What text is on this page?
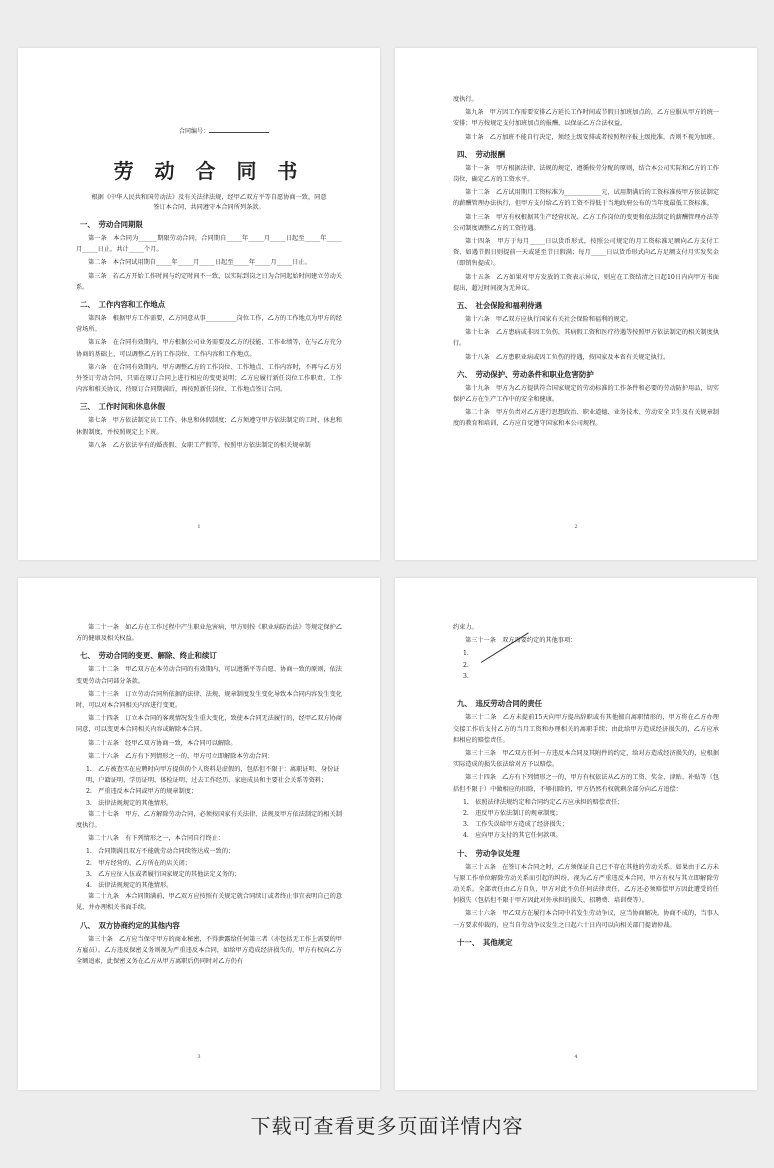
合同编号：
劳 动 合 同 书
根据《中华人民共和国劳动法》及有关法律法规，经甲乙双方平等自愿协商一致，同意签订本合同，共同遵守本合同所列条款。
一、　劳动合同期限

第一条　本合同为______期限劳动合同，合同期自_____年_____月_____日起至_____年_____月_____日止，共计_____个月。

第二条　本合同试用期自_____年_____月_____日起至_____年_____月_____日止。

第三条　若乙方开始工作时间与约定时间不一致，以实际到岗之日为合同起始时间建立劳动关系。

二、　工作内容和工作地点

第四条　根据甲方工作需要，乙方同意从事__________岗位工作，乙方的工作地点为甲方的经营场所。

第五条　在合同有效期内，甲方根据公司业务需要及乙方的技能、工作业绩等，在与乙方充分协商的基础上，可以调整乙方的工作岗位、工作内容和工作地点。

第六条　在合同有效期内，甲方调整乙方的工作岗位、工作地点、工作内容时，不再与乙方另外签订劳动合同，只需在原订合同上进行相应的变更说明；乙方应履行新任岗位工作职责、工作内容和相关协议，待原订合同期满后，再按照新任岗位、工作地点签订合同。

三、　工作时间和休息休假

第七条　甲方依法制定员工工作、休息和休假制度；乙方须遵守甲方依法制定的工时、休息和休假制度，并按照规定上下班。

第八条　乙方依法享有的婚丧假、女职工产假等，按照甲方依法制定的相关规章制

1

度执行。

第九条　甲方因工作需要安排乙方延长工作时间或节假日加班加点的，乙方应服从甲方的统一安排；甲方按规定支付加班加点的报酬，以保证乙方合法权益。

第十条　乙方加班不能自行决定，须经上级安排或者按照程序报上级批准，否则不视为加班。

四、　劳动报酬

第十一条　甲方根据法律、法规的规定，遵循按劳分配的原则，结合本公司实际和乙方的工作岗位，确定乙方的工资水平。

第十二条　乙方试用期月工资标准为____________元，试用期满后的工资标准按甲方依法制定的薪酬管理办法执行，但甲方支付给乙方的工资不得低于当地政府公布的当年度最低工资标准。

第十三条　甲方有权根据其生产经营状况、乙方工作岗位的变更和依法制定的薪酬管理办法等公司制度调整乙方的工资待遇。

第十四条　甲方于每月_____日以货币形式，按照公司规定的月工资标准足额向乙方支付工资，如遇节假日则提前一天或延至节日假满；每月_____日以货币形式向乙方足额支付月实发奖金（即销售提成）。

第十五条　乙方如果对甲方发放的工资表示异议，则应在工资结清之日起10日内向甲方书面提出，超过时间视为无异议。

五、　社会保险和福利待遇

第十六条　甲乙双方应执行国家有关社会保险和福利的规定。

第十七条　乙方患病或非因工负伤，其病假工资和医疗待遇等按照甲方依法制定的相关制度执行。

第十八条　乙方患职业病或因工负伤的待遇，按国家及本省有关规定执行。

六、　劳动保护、劳动条件和职业危害防护

第十九条　甲方为乙方提供符合国家规定的劳动标准的工作条件和必要的劳动防护用品，切实保护乙方在生产工作中的安全和健康。

第二十条　甲方负责对乙方进行思想政治、职业道德、业务技术、劳动安全卫生及有关规章制度的教育和培训，乙方应自觉遵守国家和本公司规程。

2

第二十一条　如乙方在工作过程中产生职业危害病，甲方则按《职业病防治法》等规定保护乙方的健康及相关权益。

七、　劳动合同的变更、解除、终止和续订

第二十二条　甲乙双方在本劳动合同的有效期内，可以遵循平等自愿、协商一致的原则，依法变更劳动合同部分条款。

第二十三条　订立劳动合同所依据的法律、法规、规章制度发生变化导致本合同内容发生变化时，可以对本合同相关内容进行变更。

第二十四条　订立本合同的客观情况发生重大变化，致使本合同无法履行的，经甲乙双方协商同意，可以变更本合同相关内容或解除本合同。

第二十五条　经甲乙双方协商一致，本合同可以解除。

第二十六条　乙方有下列情形之一的，甲方可立即解除本劳动合同：

1.　乙方被查实在应聘时向甲方提供的个人资料是虚假的，包括但不限于：离职证明、身份证明、户籍证明、学历证明、体检证明、过去工作经历、家庭成员和主要社会关系等资料；

2.　严重违反本合同或甲方的规章制度；

3.　法律法规规定的其他情形。

第二十七条　甲方、乙方解除劳动合同，必须按国家有关法律、法规及甲方依法制定的相关制度执行。

第二十八条　有下列情形之一，本合同自行终止：

1.　合同期满且双方不能就劳动合同续签达成一致的；

2.　甲方经营的、乙方所在的店关闭；

3.　乙方应征入伍或者履行国家规定的其他法定义务的；

4.　法律法规规定的其他情形。

第二十九条　本合同期满前，甲乙双方应按照有关规定就合同续订或者终止事宜表明自己的意见，并办理相关书面手续。

八、　双方协商约定的其他内容

第三十条　乙方应当保守甲方的商业秘密，不得泄露给任何第三者（亦包括无工作上需要的甲方雇员）。乙方违反保密义务则视为严重违反本合同，如给甲方造成经济损失的，甲方有权向乙方全额追索，此保密义务在乙方从甲方离职后仍同时对乙方仍有

3

约束力。

第三十一条　双方需要约定的其他事项：

1.

2.

3.

九、　违反劳动合同的责任

第三十二条　乙方未提前15天向甲方提出辞职或有其他擅自离职情形的，甲方将在乙方办理交接工作后支付乙方的当月工资和办理相关的离职手续；由此给甲方造成经济损失的，乙方应承担相应的赔偿责任。

第三十三条　甲乙双方任何一方违反本合同及其附件的约定，给对方造成经济损失的，应根据实际造成的损失依法给对方予以赔偿。

第三十四条　乙方有下列情形之一的，甲方有权依法从乙方的工资、奖金、津贴、补贴等（包括但不限于）中做相应的扣除，不够扣除的，甲方仍然有权就剩余部分向乙方追偿：

1.　依照法律法规约定和合同约定乙方应承担的赔偿责任；

2.　违反甲方依法制订的规章制度；

3.　工作失误给甲方造成了经济损失；

4.　应向甲方支付的其它任何款项。

十、　劳动争议处理

第三十五条　在签订本合同之时，乙方须保证自己已不存在其他的劳动关系。如果由于乙方未与原工作单位解除劳动关系而引起的纠纷，视为乙方严重违反本合同，甲方有权与其立即解除劳动关系。全部责任由乙方自负，甲方对此不负任何法律责任，乙方还必须赔偿甲方因此遭受的任何损失（包括但不限于甲方因此对外承担的损失、招聘费、培训费等）。

第三十六条　甲乙双方在履行本合同中若发生劳动争议，应当协商解决，协商不成的，当事人一方要求仲裁的，应当自劳动争议发生之日起六十日内可以向相关部门提请仲裁。

十一、　其他规定
4
下载可查看更多页面详情内容
